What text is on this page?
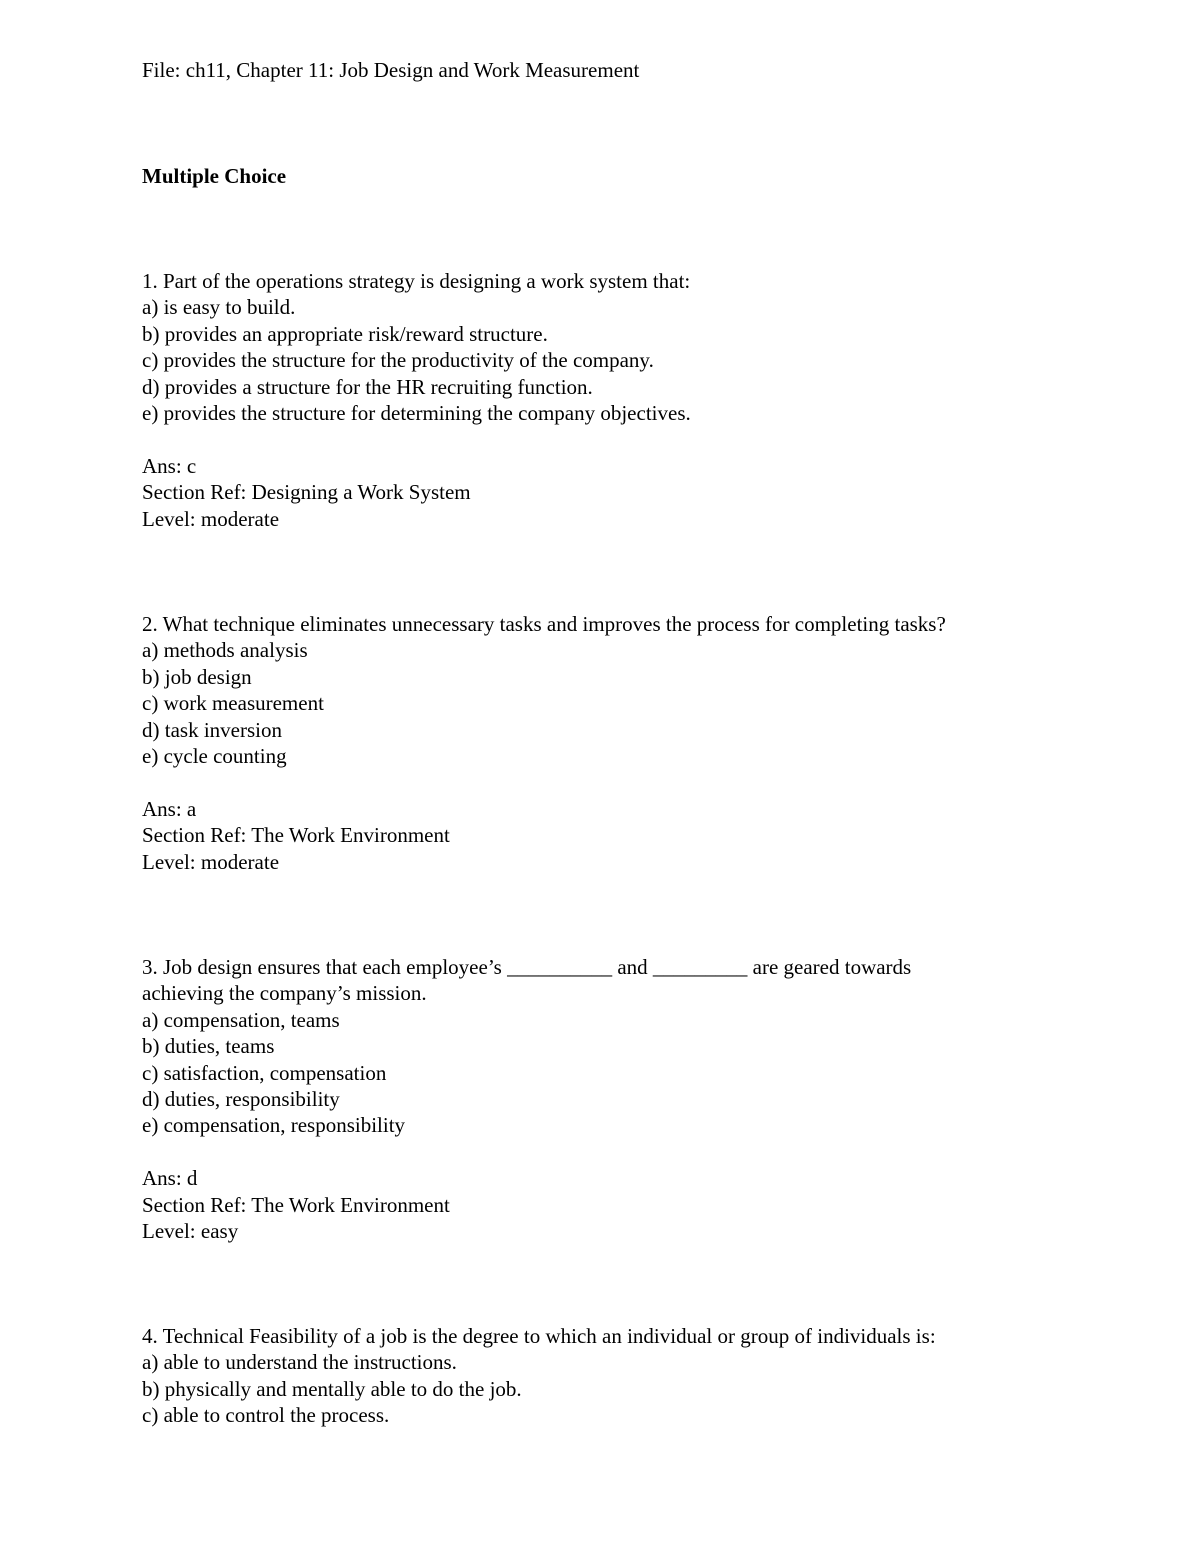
File: ch11, Chapter 11: Job Design and Work Measurement

Multiple Choice

1. Part of the operations strategy is designing a work system that:
a) is easy to build.
b) provides an appropriate risk/reward structure.
c) provides the structure for the productivity of the company.
d) provides a structure for the HR recruiting function.
e) provides the structure for determining the company objectives.
Ans: c
Section Ref: Designing a Work System
Level: moderate
2. What technique eliminates unnecessary tasks and improves the process for completing tasks?
a) methods analysis
b) job design
c) work measurement
d) task inversion
e) cycle counting
Ans: a
Section Ref: The Work Environment
Level: moderate
3. Job design ensures that each employee’s __________ and _________ are geared towards
achieving the company’s mission.
a) compensation, teams
b) duties, teams
c) satisfaction, compensation
d) duties, responsibility
e) compensation, responsibility
Ans: d
Section Ref: The Work Environment
Level: easy
4. Technical Feasibility of a job is the degree to which an individual or group of individuals is:
a) able to understand the instructions.
b) physically and mentally able to do the job.
c) able to control the process.
